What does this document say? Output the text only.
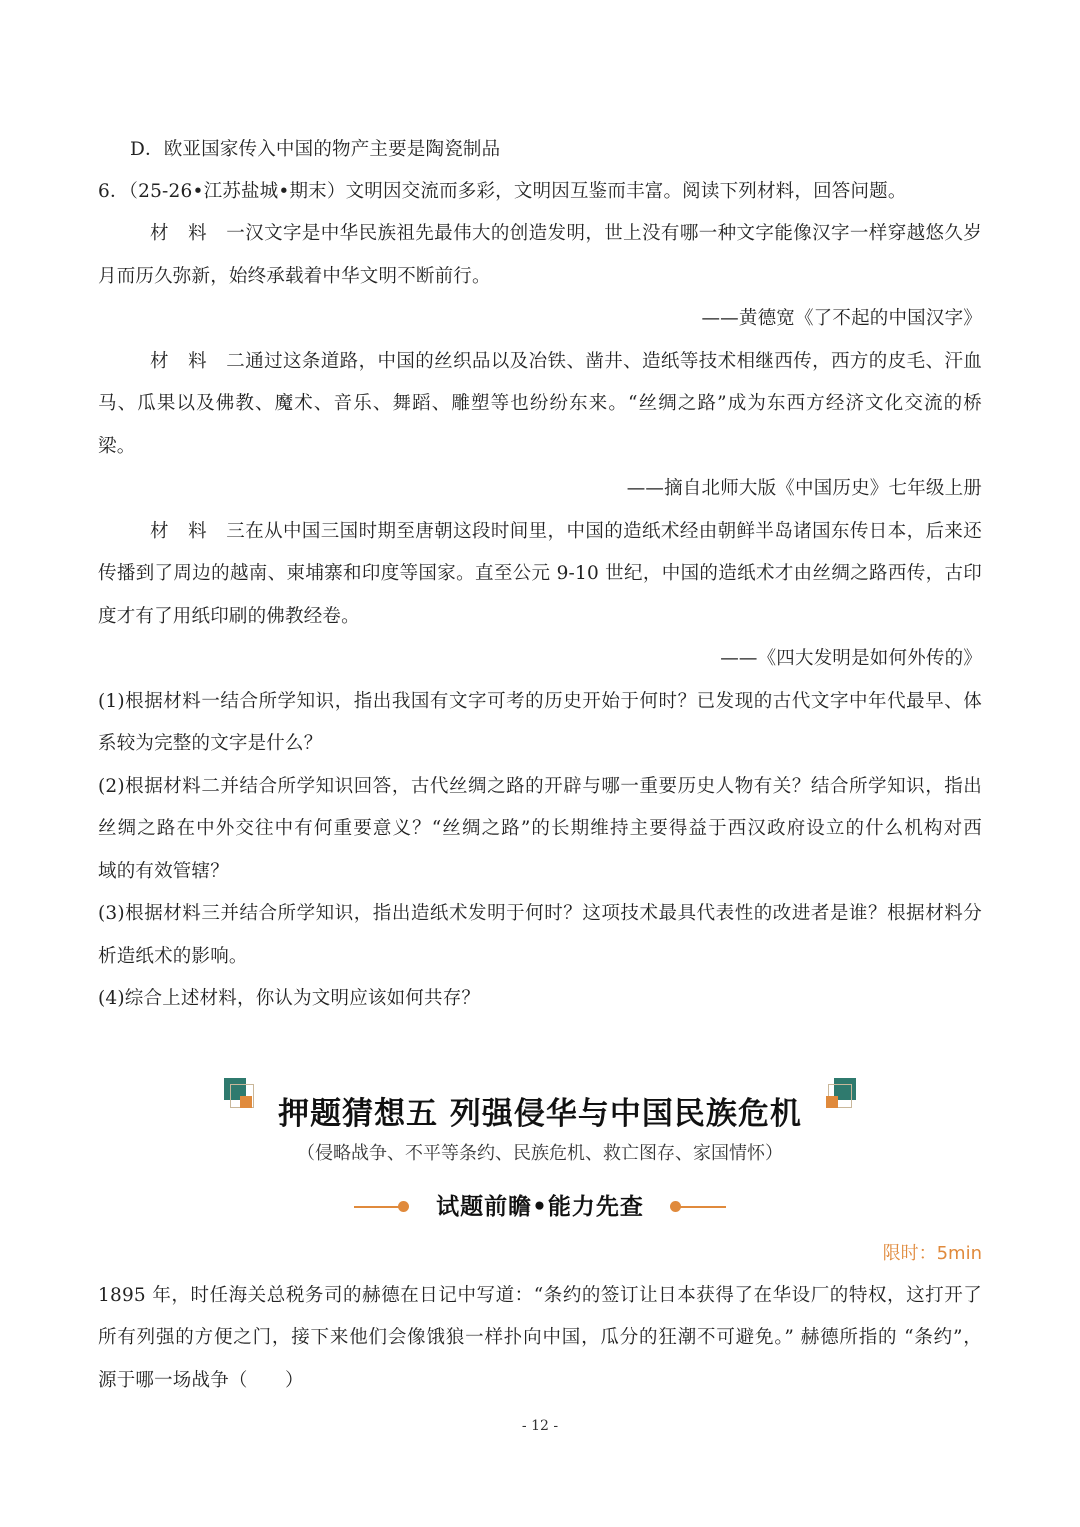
D．欧亚国家传入中国的物产主要是陶瓷制品
6．（25-26•江苏盐城•期末）文明因交流而多彩，文明因互鉴而丰富。阅读下列材料，回答问题。
材料一汉文字是中华民族祖先最伟大的创造发明，世上没有哪一种文字能像汉字一样穿越悠久岁
月而历久弥新，始终承载着中华文明不断前行。
——黄德宽《了不起的中国汉字》
材料二通过这条道路，中国的丝织品以及冶铁、凿井、造纸等技术相继西传，西方的皮毛、汗血
马、瓜果以及佛教、魔术、音乐、舞蹈、雕塑等也纷纷东来。“丝绸之路”成为东西方经济文化交流的桥
梁。
——摘自北师大版《中国历史》七年级上册
材料三在从中国三国时期至唐朝这段时间里，中国的造纸术经由朝鲜半岛诸国东传日本，后来还
传播到了周边的越南、柬埔寨和印度等国家。直至公元 9-10 世纪，中国的造纸术才由丝绸之路西传，古印
度才有了用纸印刷的佛教经卷。
——《四大发明是如何外传的》
(1)根据材料一结合所学知识，指出我国有文字可考的历史开始于何时？已发现的古代文字中年代最早、体
系较为完整的文字是什么？
(2)根据材料二并结合所学知识回答，古代丝绸之路的开辟与哪一重要历史人物有关？结合所学知识，指出
丝绸之路在中外交往中有何重要意义？“丝绸之路”的长期维持主要得益于西汉政府设立的什么机构对西
域的有效管辖？
(3)根据材料三并结合所学知识，指出造纸术发明于何时？这项技术最具代表性的改进者是谁？根据材料分
析造纸术的影响。
(4)综合上述材料，你认为文明应该如何共存？
押题猜想五 列强侵华与中国民族危机
（侵略战争、不平等条约、民族危机、救亡图存、家国情怀）
试题前瞻•能力先查
限时：5min
1895 年，时任海关总税务司的赫德在日记中写道：“条约的签订让日本获得了在华设厂的特权，这打开了
所有列强的方便之门，接下来他们会像饿狼一样扑向中国，瓜分的狂潮不可避免。” 赫德所指的 “条约”，
源于哪一场战争（　　）
- 12 -
